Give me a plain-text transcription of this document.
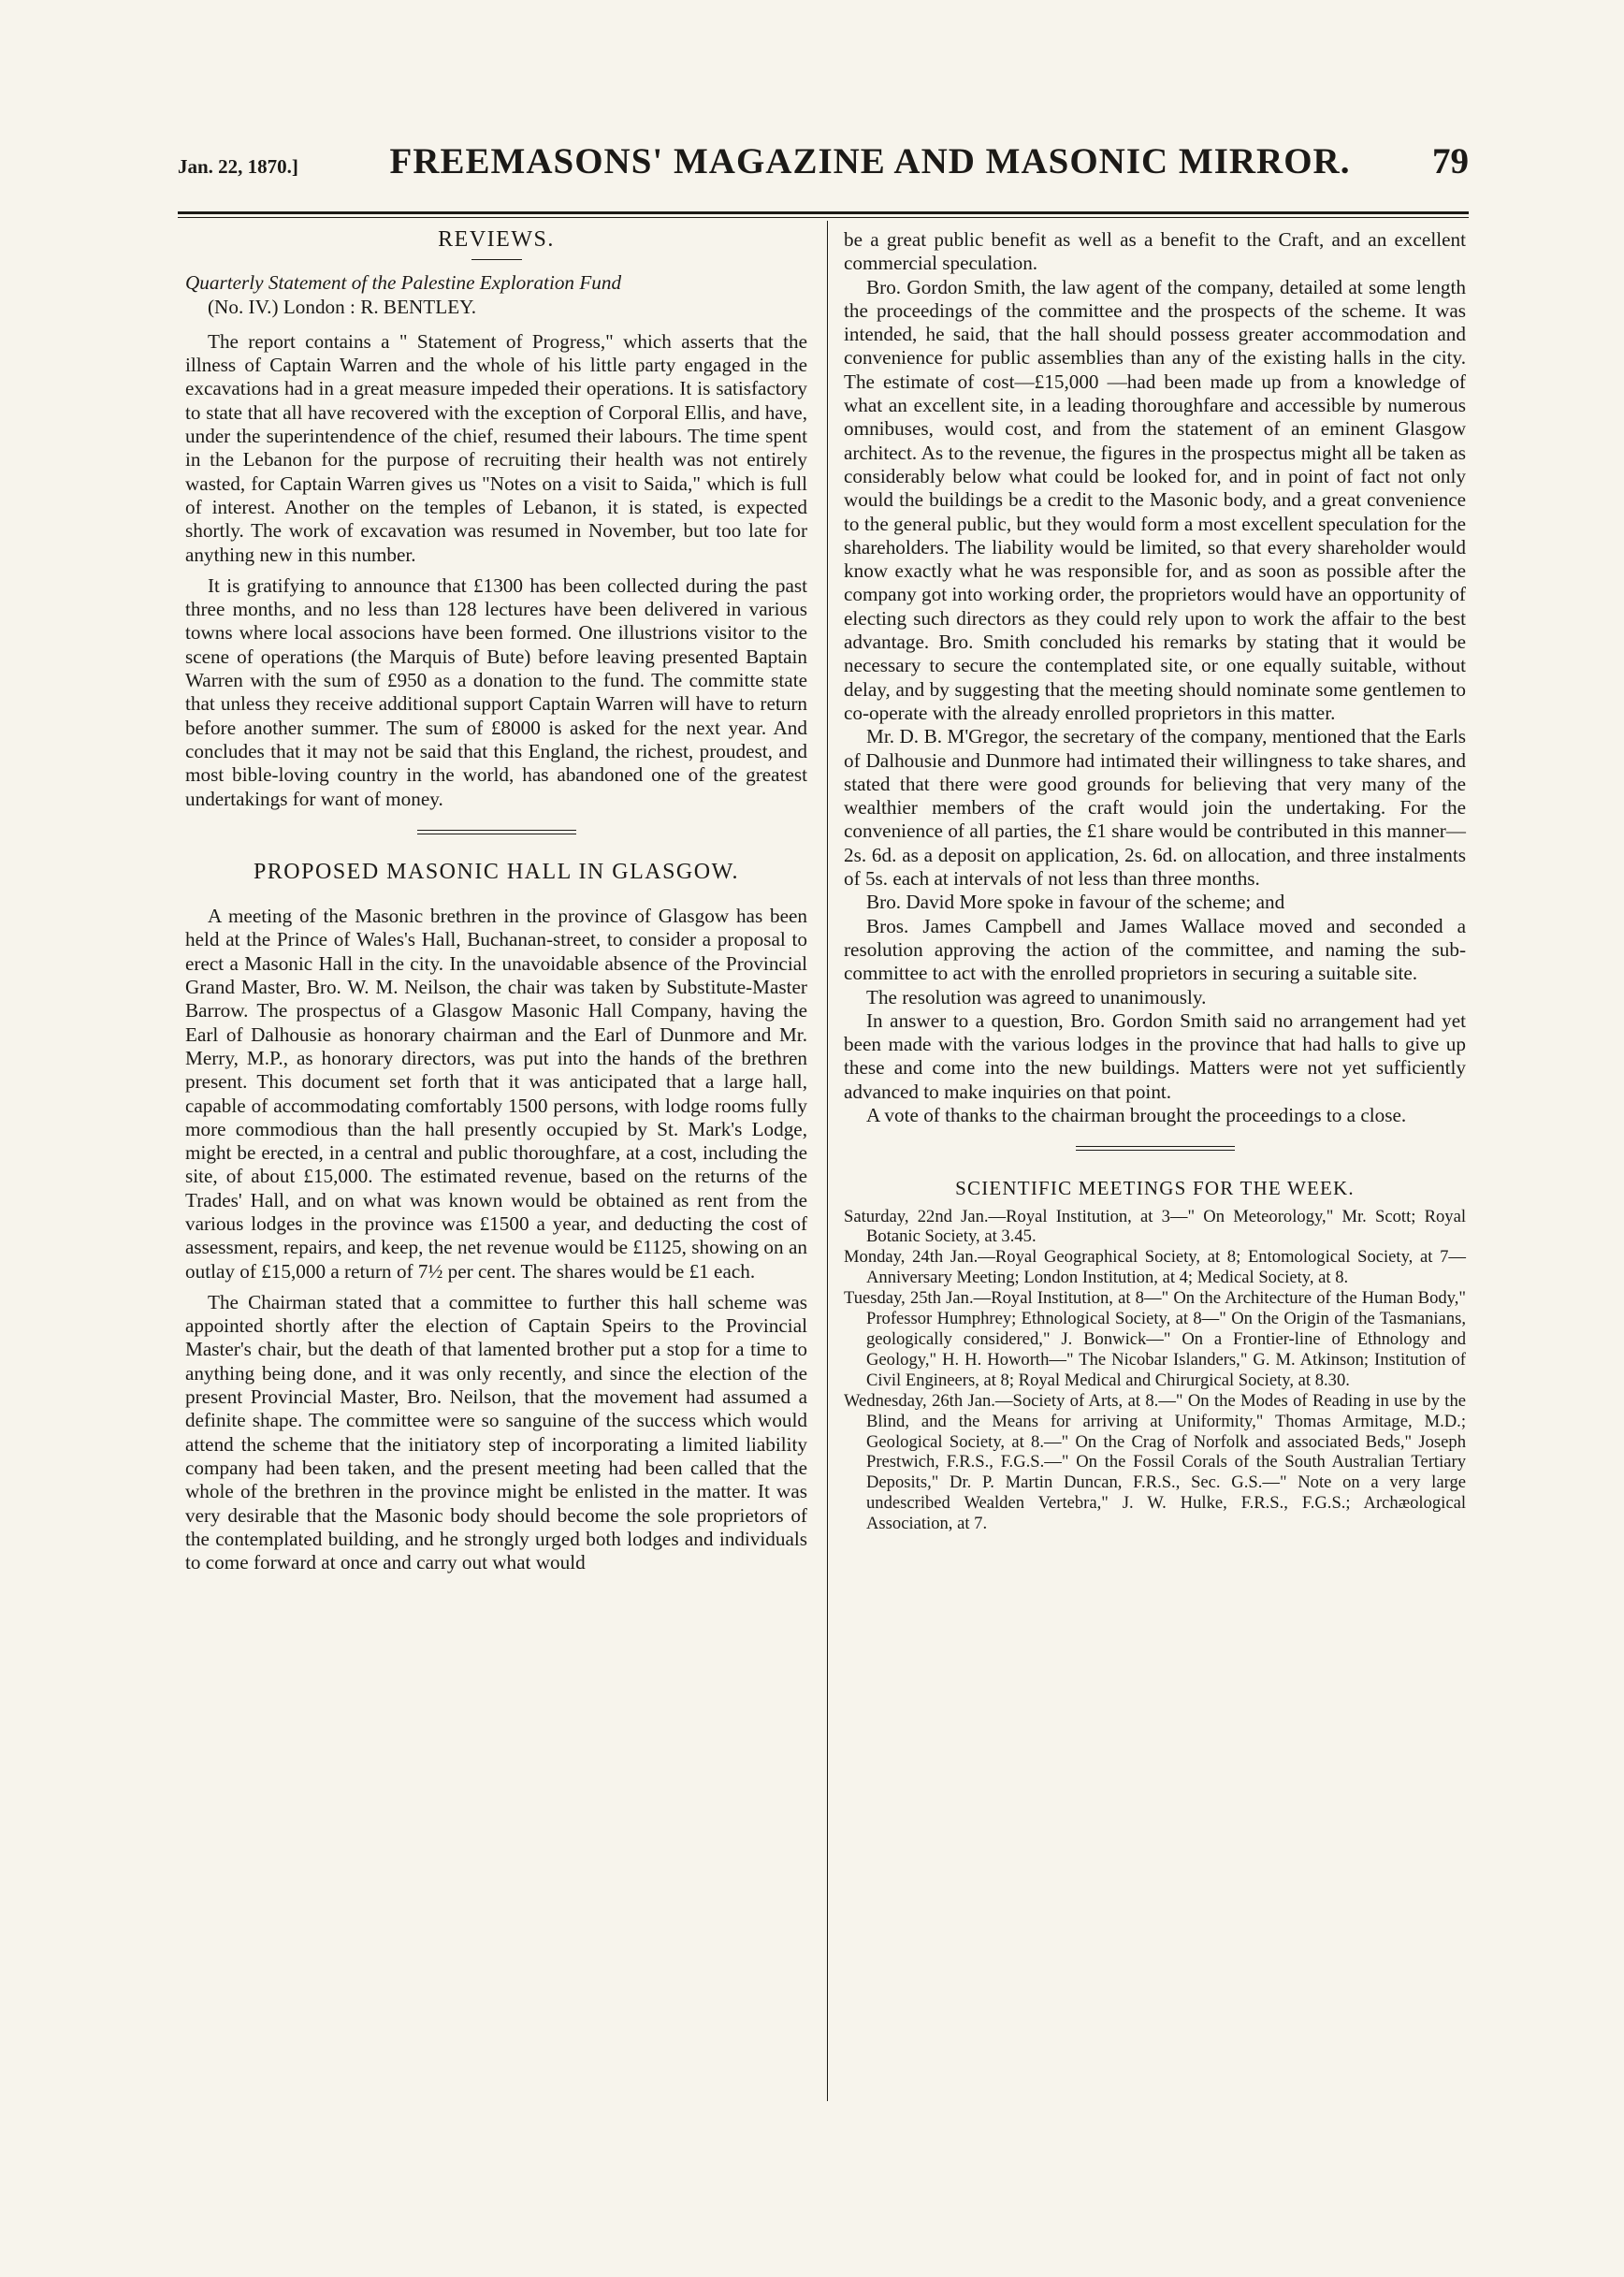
Jan. 22, 1870.]	FREEMASONS' MAGAZINE AND MASONIC MIRROR.	79
REVIEWS.

Quarterly Statement of the Palestine Exploration Fund

(No. IV.) London : R. BENTLEY.

The report contains a " Statement of Progress," which asserts that the illness of Captain Warren and the whole of his little party engaged in the excavations had in a great measure impeded their operations. It is satisfactory to state that all have recovered with the exception of Corporal Ellis, and have, under the superintendence of the chief, resumed their labours. The time spent in the Lebanon for the purpose of recruiting their health was not entirely wasted, for Captain Warren gives us "Notes on a visit to Saida," which is full of interest. Another on the temples of Lebanon, it is stated, is expected shortly. The work of excavation was resumed in November, but too late for anything new in this number.

It is gratifying to announce that £1300 has been collected during the past three months, and no less than 128 lectures have been delivered in various towns where local associons have been formed. One illustrions visitor to the scene of operations (the Marquis of Bute) before leaving presented Baptain Warren with the sum of £950 as a donation to the fund. The committe state that unless they receive additional support Captain Warren will have to return before another summer. The sum of £8000 is asked for the next year. And concludes that it may not be said that this England, the richest, proudest, and most bible-loving country in the world, has abandoned one of the greatest undertakings for want of money.

PROPOSED MASONIC HALL IN GLASGOW.

A meeting of the Masonic brethren in the province of Glasgow has been held at the Prince of Wales's Hall, Buchanan-street, to consider a proposal to erect a Masonic Hall in the city. In the unavoidable absence of the Provincial Grand Master, Bro. W. M. Neilson, the chair was taken by Substitute-Master Barrow. The prospectus of a Glasgow Masonic Hall Company, having the Earl of Dalhousie as honorary chairman and the Earl of Dunmore and Mr. Merry, M.P., as honorary directors, was put into the hands of the brethren present. This document set forth that it was anticipated that a large hall, capable of accommodating comfortably 1500 persons, with lodge rooms fully more commodious than the hall presently occupied by St. Mark's Lodge, might be erected, in a central and public thoroughfare, at a cost, including the site, of about £15,000. The estimated revenue, based on the returns of the Trades' Hall, and on what was known would be obtained as rent from the various lodges in the province was £1500 a year, and deducting the cost of assessment, repairs, and keep, the net revenue would be £1125, showing on an outlay of £15,000 a return of 7½ per cent. The shares would be £1 each.

The Chairman stated that a committee to further this hall scheme was appointed shortly after the election of Captain Speirs to the Provincial Master's chair, but the death of that lamented brother put a stop for a time to anything being done, and it was only recently, and since the election of the present Provincial Master, Bro. Neilson, that the movement had assumed a definite shape. The committee were so sanguine of the success which would attend the scheme that the initiatory step of incorporating a limited liability company had been taken, and the present meeting had been called that the whole of the brethren in the province might be enlisted in the matter. It was very desirable that the Masonic body should become the sole proprietors of the contemplated building, and he strongly urged both lodges and individuals to come forward at once and carry out what would

be a great public benefit as well as a benefit to the Craft, and an excellent commercial speculation.

Bro. Gordon Smith, the law agent of the company, detailed at some length the proceedings of the committee and the prospects of the scheme. It was intended, he said, that the hall should possess greater accommodation and convenience for public assemblies than any of the existing halls in the city. The estimate of cost—£15,000 —had been made up from a knowledge of what an excellent site, in a leading thoroughfare and accessible by numerous omnibuses, would cost, and from the statement of an eminent Glasgow architect. As to the revenue, the figures in the prospectus might all be taken as considerably below what could be looked for, and in point of fact not only would the buildings be a credit to the Masonic body, and a great convenience to the general public, but they would form a most excellent speculation for the shareholders. The liability would be limited, so that every shareholder would know exactly what he was responsible for, and as soon as possible after the company got into working order, the proprietors would have an opportunity of electing such directors as they could rely upon to work the affair to the best advantage. Bro. Smith concluded his remarks by stating that it would be necessary to secure the contemplated site, or one equally suitable, without delay, and by suggesting that the meeting should nominate some gentlemen to co-operate with the already enrolled proprietors in this matter.

Mr. D. B. M'Gregor, the secretary of the company, mentioned that the Earls of Dalhousie and Dunmore had intimated their willingness to take shares, and stated that there were good grounds for believing that very many of the wealthier members of the craft would join the undertaking. For the convenience of all parties, the £1 share would be contributed in this manner—2s. 6d. as a deposit on application, 2s. 6d. on allocation, and three instalments of 5s. each at intervals of not less than three months.

Bro. David More spoke in favour of the scheme; and

Bros. James Campbell and James Wallace moved and seconded a resolution approving the action of the committee, and naming the sub-committee to act with the enrolled proprietors in securing a suitable site.

The resolution was agreed to unanimously.

In answer to a question, Bro. Gordon Smith said no arrangement had yet been made with the various lodges in the province that had halls to give up these and come into the new buildings. Matters were not yet sufficiently advanced to make inquiries on that point.

A vote of thanks to the chairman brought the proceedings to a close.

SCIENTIFIC MEETINGS FOR THE WEEK.

Saturday, 22nd Jan.—Royal Institution, at 3—" On Meteorology," Mr. Scott; Royal Botanic Society, at 3.45.

Monday, 24th Jan.—Royal Geographical Society, at 8; Entomological Society, at 7—Anniversary Meeting; London Institution, at 4; Medical Society, at 8.

Tuesday, 25th Jan.—Royal Institution, at 8—" On the Architecture of the Human Body," Professor Humphrey; Ethnological Society, at 8—" On the Origin of the Tasmanians, geologically considered," J. Bonwick—" On a Frontier-line of Ethnology and Geology," H. H. Howorth—" The Nicobar Islanders," G. M. Atkinson; Institution of Civil Engineers, at 8; Royal Medical and Chirurgical Society, at 8.30.

Wednesday, 26th Jan.—Society of Arts, at 8.—" On the Modes of Reading in use by the Blind, and the Means for arriving at Uniformity," Thomas Armitage, M.D.; Geological Society, at 8.—" On the Crag of Norfolk and associated Beds," Joseph Prestwich, F.R.S., F.G.S.—" On the Fossil Corals of the South Australian Tertiary Deposits," Dr. P. Martin Duncan, F.R.S., Sec. G.S.—" Note on a very large undescribed Wealden Vertebra," J. W. Hulke, F.R.S., F.G.S.; Archæological Association, at 7.
